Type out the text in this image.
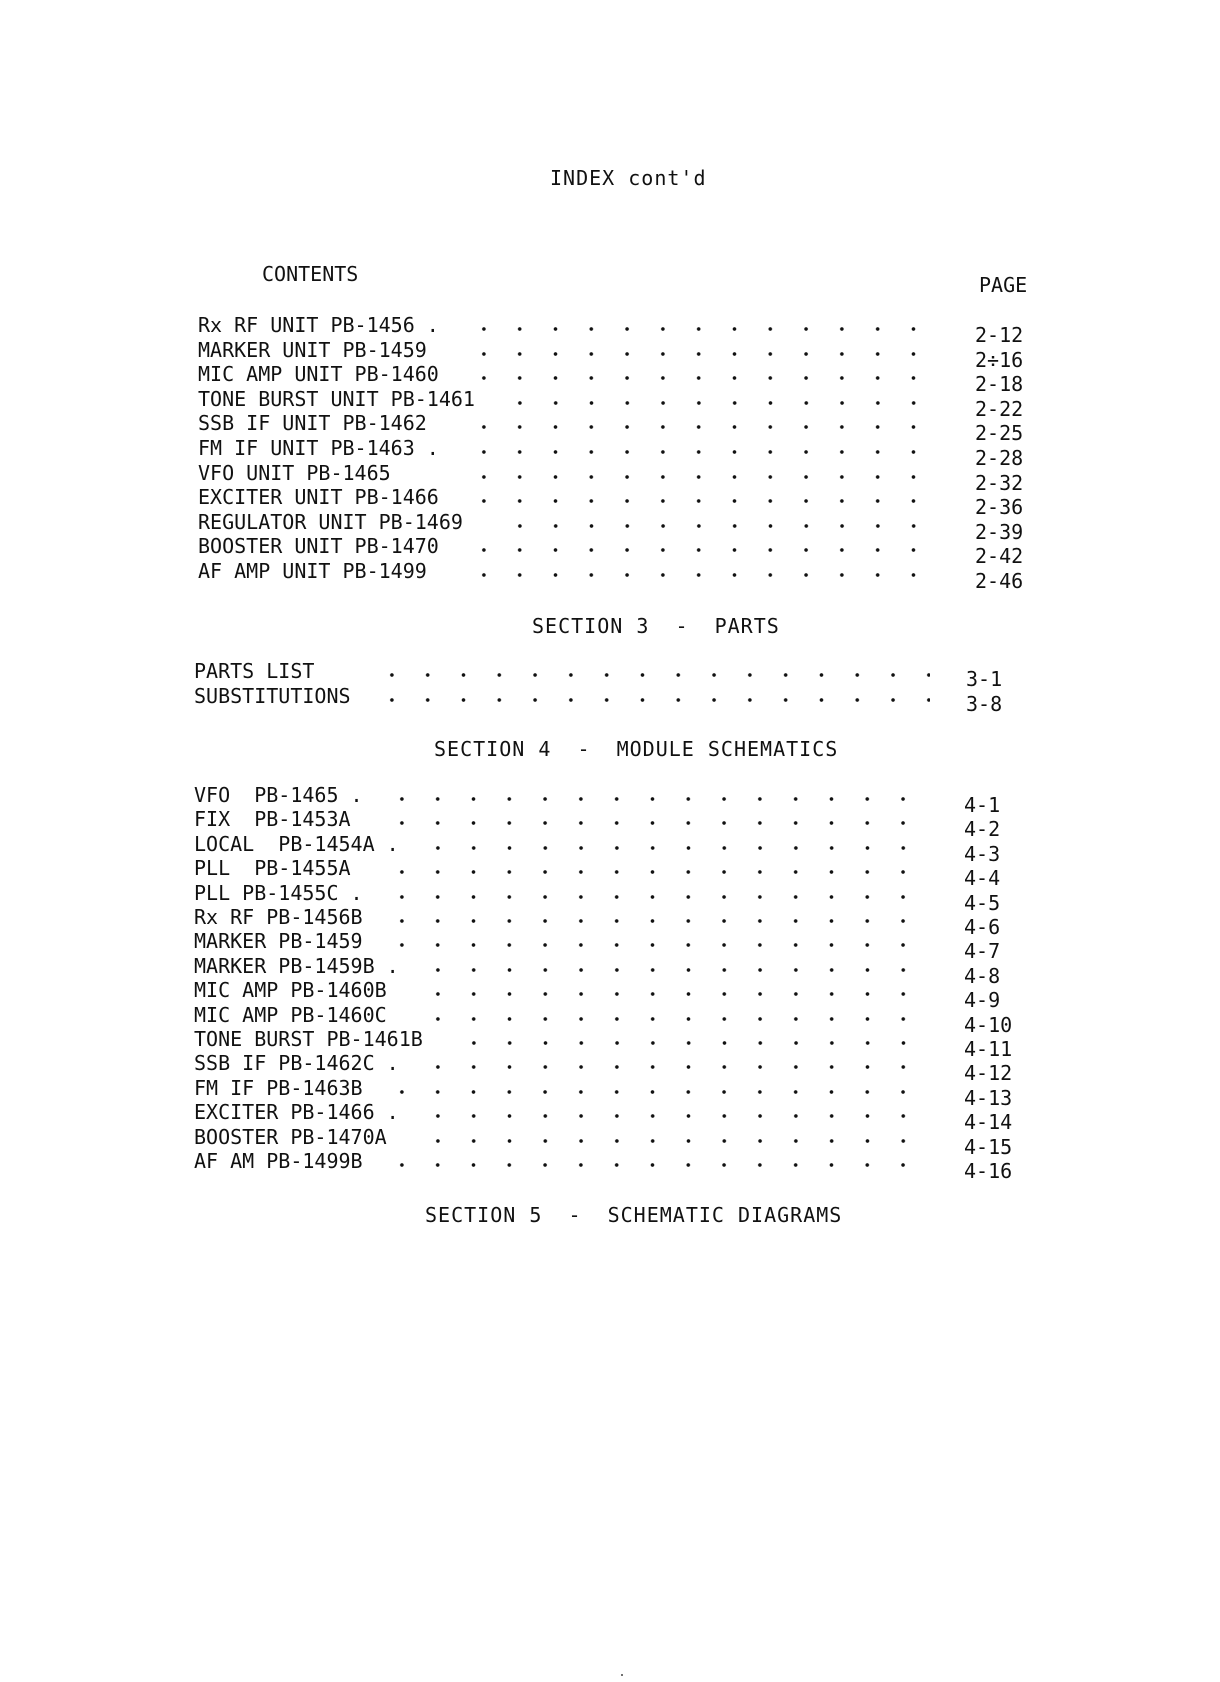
INDEX cont'd
CONTENTS	PAGE
Rx RF UNIT PB-1456 .	2-12
MARKER UNIT PB-1459	2÷16
MIC AMP UNIT PB-1460	2-18
TONE BURST UNIT PB-1461	2-22
SSB IF UNIT PB-1462	2-25
FM IF UNIT PB-1463 .	2-28
VFO UNIT PB-1465	2-32
EXCITER UNIT PB-1466	2-36
REGULATOR UNIT PB-1469	2-39
BOOSTER UNIT PB-1470	2-42
AF AMP UNIT PB-1499	2-46
SECTION 3  -  PARTS
PARTS LIST	3-1
SUBSTITUTIONS	3-8
SECTION 4  -  MODULE SCHEMATICS
VFO  PB-1465 .	4-1
FIX  PB-1453A	4-2
LOCAL  PB-1454A .	4-3
PLL  PB-1455A	4-4
PLL PB-1455C .	4-5
Rx RF PB-1456B	4-6
MARKER PB-1459	4-7
MARKER PB-1459B .	4-8
MIC AMP PB-1460B	4-9
MIC AMP PB-1460C	4-10
TONE BURST PB-1461B	4-11
SSB IF PB-1462C .	4-12
FM IF PB-1463B	4-13
EXCITER PB-1466 .	4-14
BOOSTER PB-1470A	4-15
AF AM PB-1499B	4-16
SECTION 5  -  SCHEMATIC DIAGRAMS
